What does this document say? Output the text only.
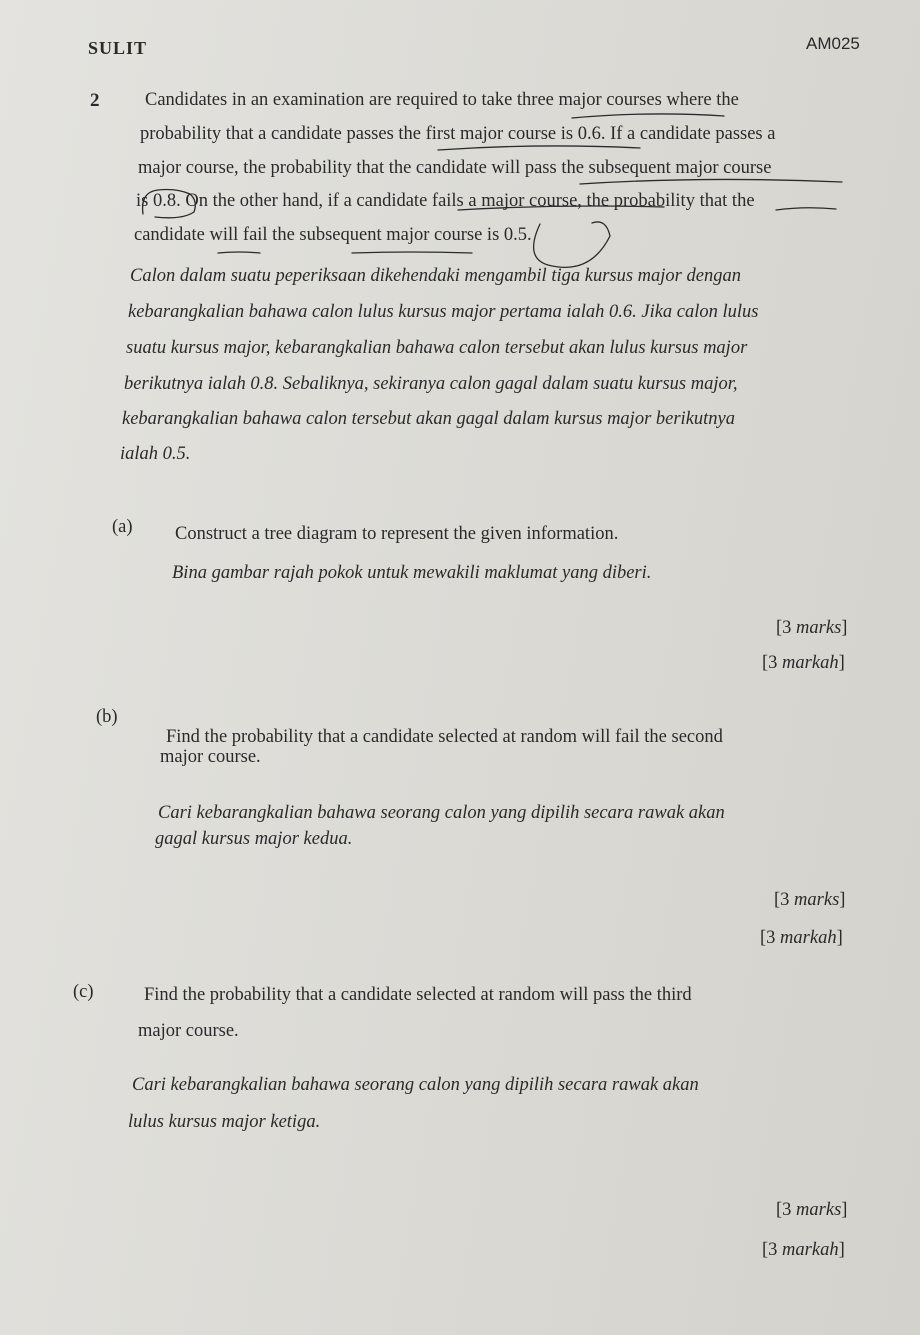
SULIT	AM025
2 Candidates in an examination are required to take three major courses where the
probability that a candidate passes the first major course is 0.6. If a candidate passes a
major course, the probability that the candidate will pass the subsequent major course
is 0.8. On the other hand, if a candidate fails a major course, the probability that the
candidate will fail the subsequent major course is 0.5.
Calon dalam suatu peperiksaan dikehendaki mengambil tiga kursus major dengan
kebarangkalian bahawa calon lulus kursus major pertama ialah 0.6. Jika calon lulus
suatu kursus major, kebarangkalian bahawa calon tersebut akan lulus kursus major
berikutnya ialah 0.8. Sebaliknya, sekiranya calon gagal dalam suatu kursus major,
kebarangkalian bahawa calon tersebut akan gagal dalam kursus major berikutnya
ialah 0.5.
(a) Construct a tree diagram to represent the given information.
Bina gambar rajah pokok untuk mewakili maklumat yang diberi.
[3 marks]
[3 markah]
(b)
Find the probability that a candidate selected at random will fail the second
major course.
Cari kebarangkalian bahawa seorang calon yang dipilih secara rawak akan
gagal kursus major kedua.
[3 marks]
[3 markah]
(c)	Find the probability that a candidate selected at random will pass the third
major course.
Cari kebarangkalian bahawa seorang calon yang dipilih secara rawak akan
lulus kursus major ketiga.
[3 marks]
[3 markah]
